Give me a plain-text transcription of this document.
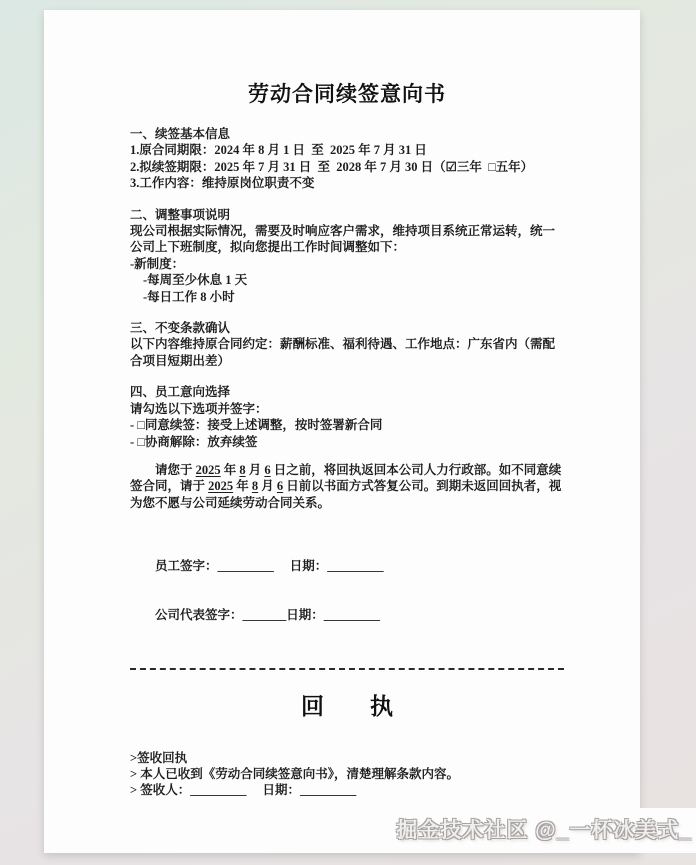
劳动合同续签意向书
一、续签基本信息
1.原合同期限：2024 年 8 月 1 日  至  2025 年 7 月 31 日
2.拟续签期限：2025 年 7 月 31 日  至  2028 年 7 月 30 日（☑三年  □五年）
3.工作内容：维持原岗位职责不变
二、调整事项说明
现公司根据实际情况，需要及时响应客户需求，维持项目系统正常运转，统一公司上下班制度，拟向您提出工作时间调整如下：
-新制度：
-每周至少休息 1 天
-每日工作 8 小时
三、不变条款确认
以下内容维持原合同约定：薪酬标准、福利待遇、工作地点：广东省内（需配合项目短期出差）
四、员工意向选择
请勾选以下选项并签字：
- □同意续签：接受上述调整，按时签署新合同
- □协商解除：放弃续签

请您于 2025 年 8 月 6 日之前，将回执返回本公司人力行政部。如不同意续签合同，请于 2025 年 8 月 6 日前以书面方式答复公司。到期未返回回执者，视为您不愿与公司延续劳动合同关系。

员工签字：_________ 日期：_________

公司代表签字：_______日期：_________

回　　执
>签收回执
> 本人已收到《劳动合同续签意向书》，清楚理解条款内容。
> 签收人：_________ 日期：_________
掘金技术社区 @_一杯冰美式_
